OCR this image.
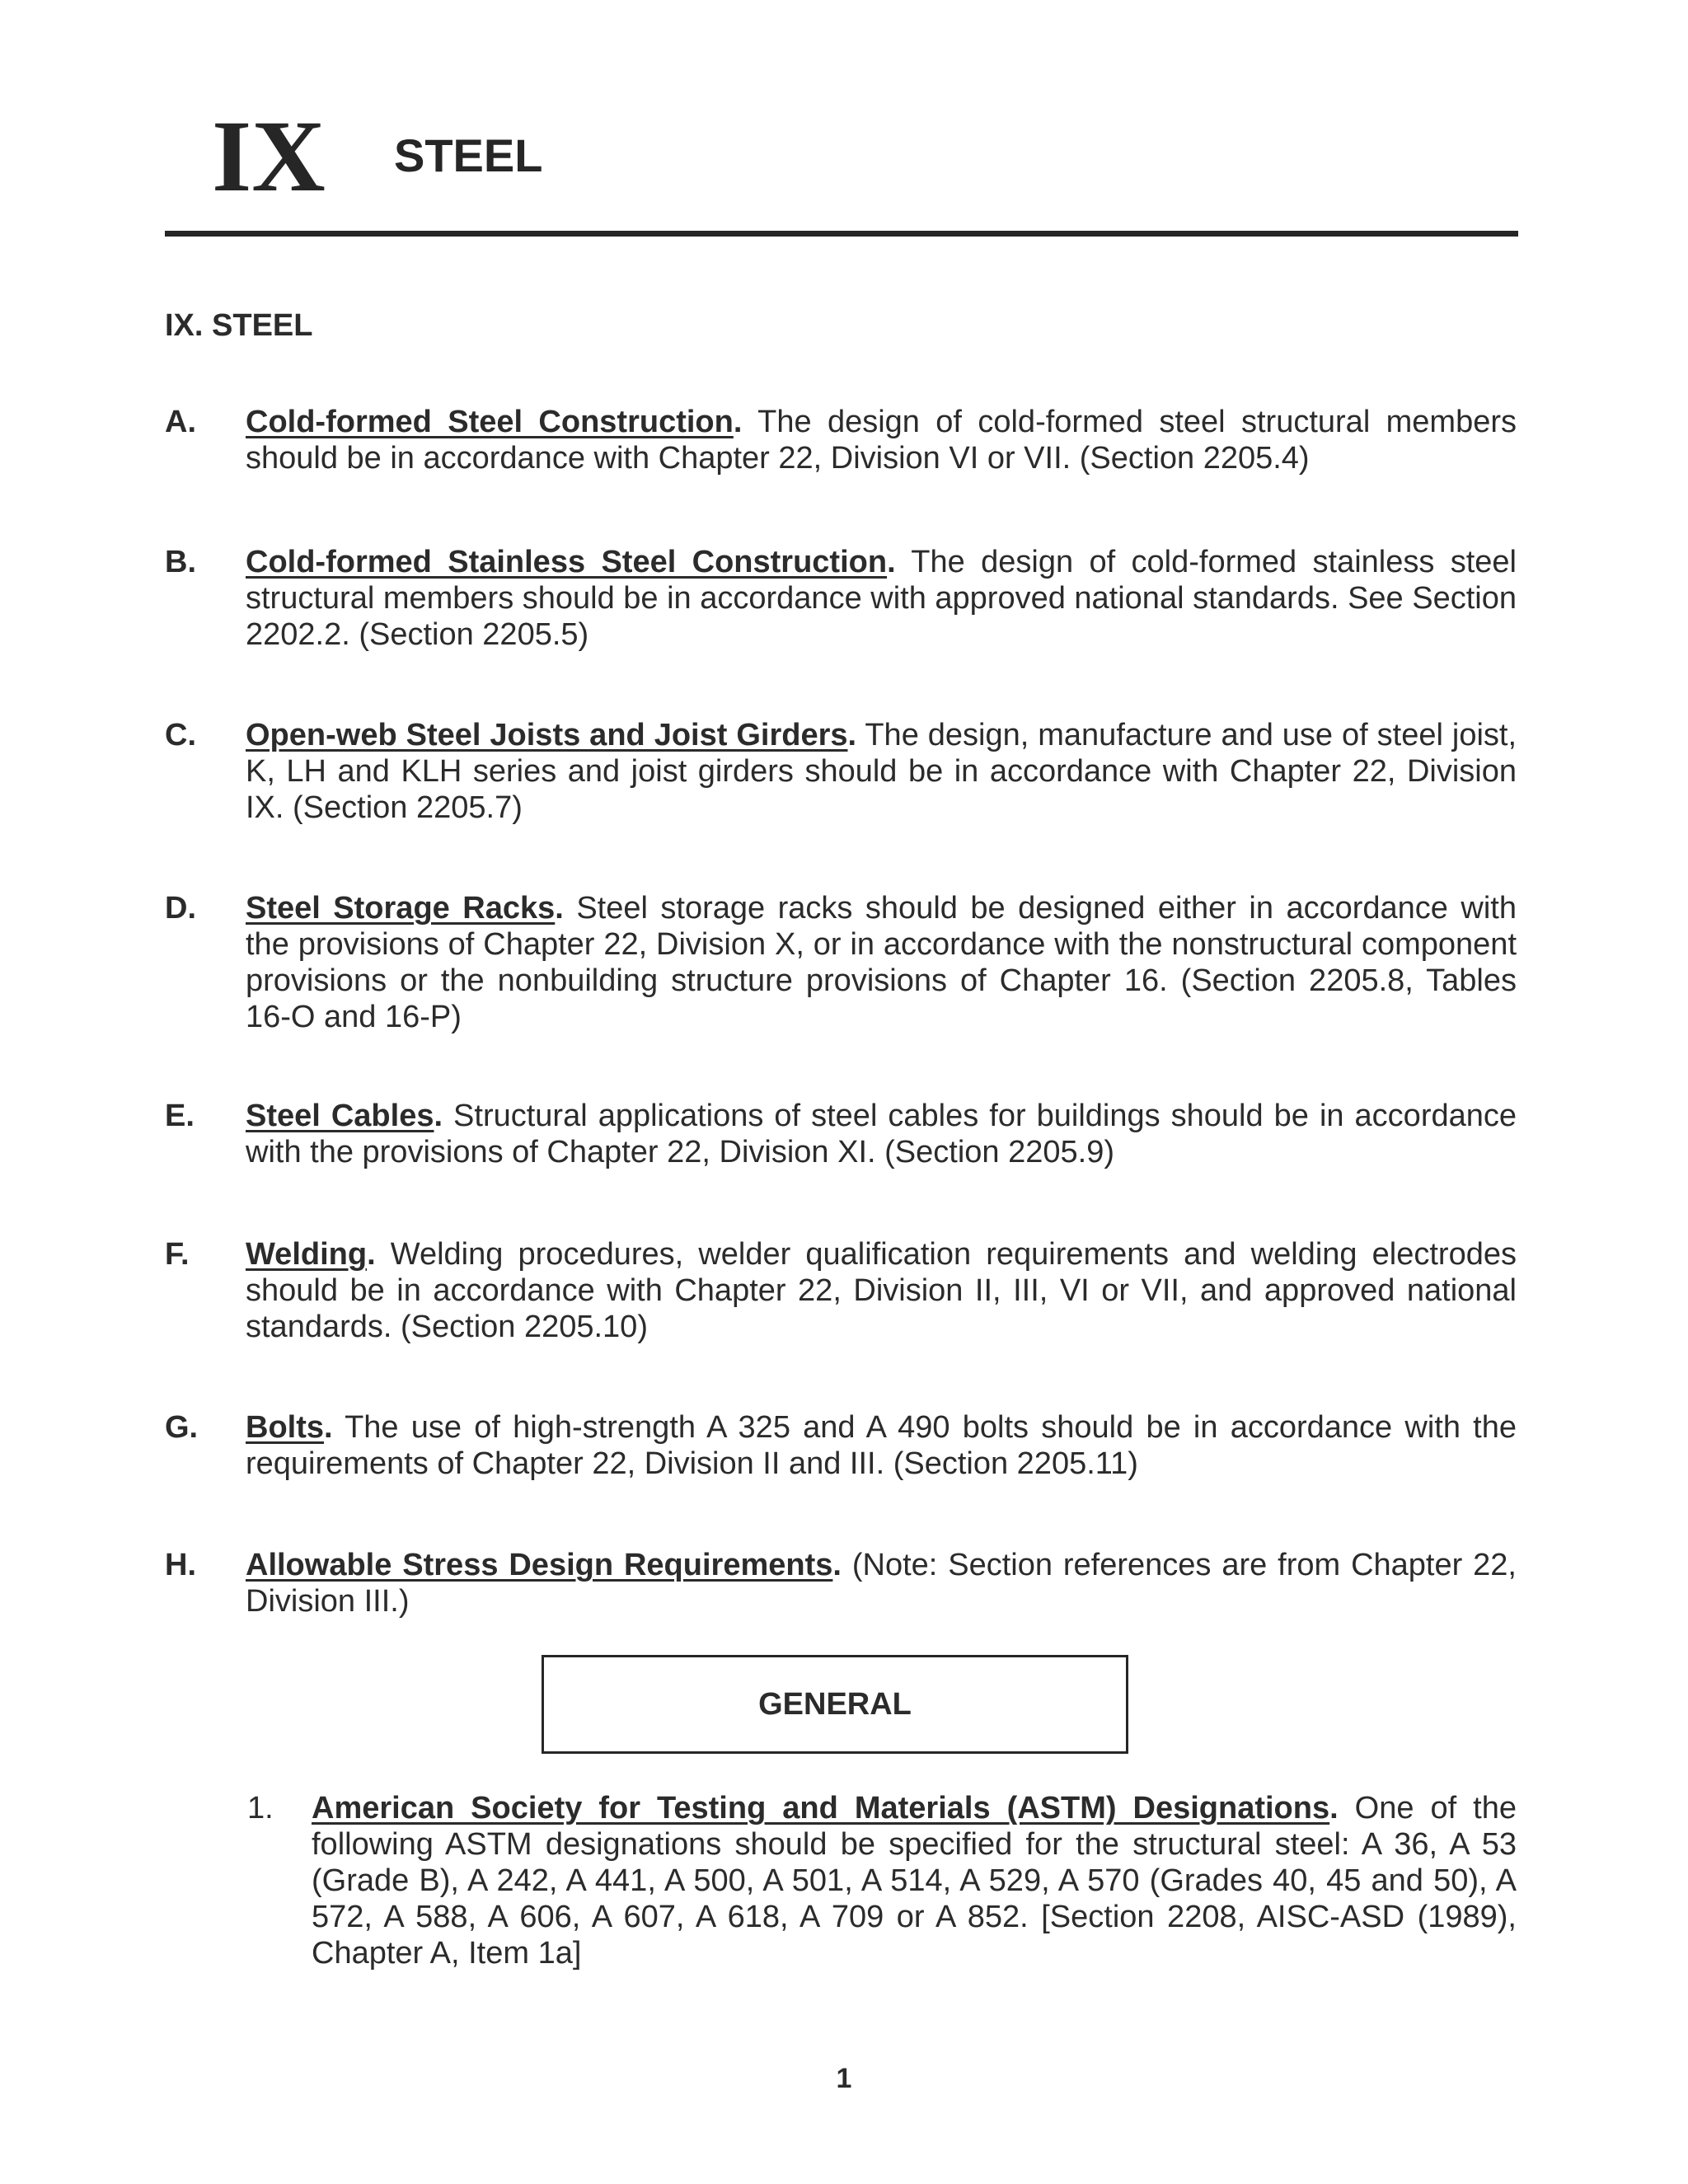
IX STEEL
IX. STEEL
A. Cold-formed Steel Construction. The design of cold-formed steel structural members should be in accordance with Chapter 22, Division VI or VII. (Section 2205.4)
B. Cold-formed Stainless Steel Construction. The design of cold-formed stainless steel structural members should be in accordance with approved national standards. See Section 2202.2. (Section 2205.5)
C. Open-web Steel Joists and Joist Girders. The design, manufacture and use of steel joist, K, LH and KLH series and joist girders should be in accordance with Chapter 22, Division IX. (Section 2205.7)
D. Steel Storage Racks. Steel storage racks should be designed either in accordance with the provisions of Chapter 22, Division X, or in accordance with the nonstructural component provisions or the nonbuilding structure provisions of Chapter 16. (Section 2205.8, Tables 16-O and 16-P)
E. Steel Cables. Structural applications of steel cables for buildings should be in accordance with the provisions of Chapter 22, Division XI. (Section 2205.9)
F. Welding. Welding procedures, welder qualification requirements and welding electrodes should be in accordance with Chapter 22, Division II, III, VI or VII, and approved national standards. (Section 2205.10)
G. Bolts. The use of high-strength A 325 and A 490 bolts should be in accordance with the requirements of Chapter 22, Division II and III. (Section 2205.11)
H. Allowable Stress Design Requirements. (Note: Section references are from Chapter 22, Division III.)
GENERAL
1. American Society for Testing and Materials (ASTM) Designations. One of the following ASTM designations should be specified for the structural steel: A 36, A 53 (Grade B), A 242, A 441, A 500, A 501, A 514, A 529, A 570 (Grades 40, 45 and 50), A 572, A 588, A 606, A 607, A 618, A 709 or A 852. [Section 2208, AISC-ASD (1989), Chapter A, Item 1a]
1
